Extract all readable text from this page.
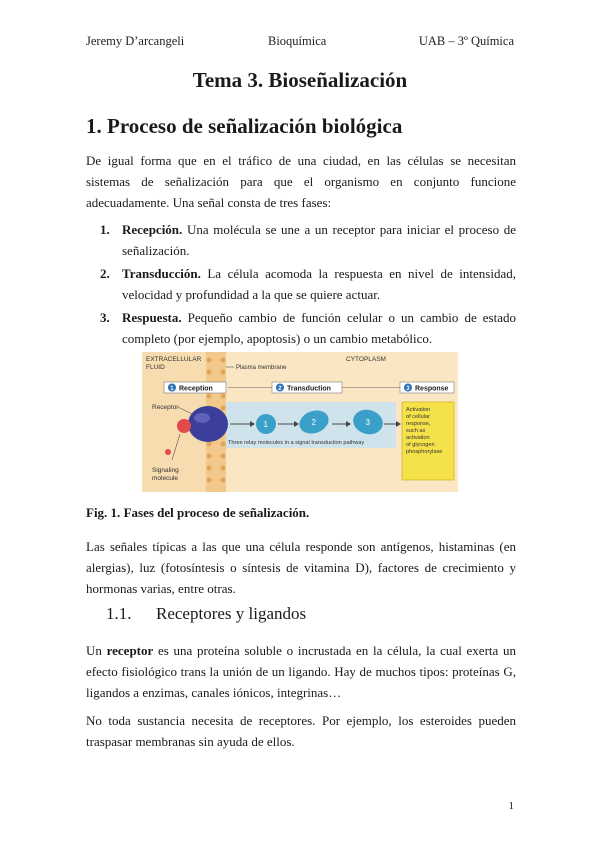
Jeremy D’arcangeli	Bioquímica	UAB – 3º Química
Tema 3. Bioseñalización
1. Proceso de señalización biológica

De igual forma que en el tráfico de una ciudad, en las células se necesitan sistemas de señalización para que el organismo en conjunto funcione adecuadamente. Una señal consta de tres fases:

1. Recepción. Una molécula se une a un receptor para iniciar el proceso de señalización.
2. Transducción. La célula acomoda la respuesta en nivel de intensidad, velocidad y profundidad a la que se quiere actuar.
3. Respuesta. Pequeño cambio de función celular o un cambio de estado completo (por ejemplo, apoptosis) o un cambio metabólico.
EXTRACELLULAR
FLUID	Plasma membrane
CYTOPLASM
1 Reception	2 Transduction	3 Response
Receptor
Signaling
molecule
1	2	3
Three relay molecules in a signal transduction pathway
Activation
of cellular
response,
such as
activation
of glycogen
phosphorylase
Fig. 1. Fases del proceso de señalización.

Las señales típicas a las que una célula responde son antígenos, histaminas (en alergias), luz (fotosíntesis o síntesis de vitamina D), factores de crecimiento y hormonas varias, entre otras.

1.1. Receptores y ligandos

Un receptor es una proteína soluble o incrustada en la célula, la cual exerta un efecto fisiológico trans la unión de un ligando. Hay de muchos tipos: proteínas G, ligandos a enzimas, canales iónicos, integrinas…

No toda sustancia necesita de receptores. Por ejemplo, los esteroides pueden traspasar membranas sin ayuda de ellos.

1
